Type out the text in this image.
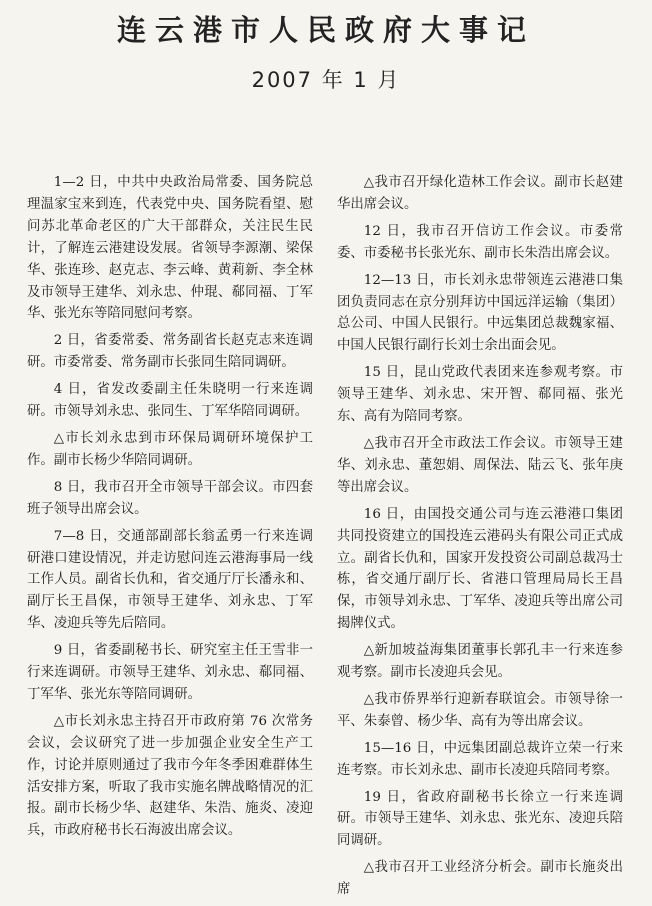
连云港市人民政府大事记
2007 年 1 月

1—2 日，中共中央政治局常委、国务院总理温家宝来到连，代表党中央、国务院看望、慰问苏北革命老区的广大干部群众，关注民生民计，了解连云港建设发展。省领导李源潮、梁保华、张连珍、赵克志、李云峰、黄莉新、李全林及市领导王建华、刘永忠、仲琨、郗同福、丁军华、张光东等陪同慰问考察。

2 日，省委常委、常务副省长赵克志来连调研。市委常委、常务副市长张同生陪同调研。

4 日，省发改委副主任朱晓明一行来连调研。市领导刘永忠、张同生、丁军华陪同调研。

△市长刘永忠到市环保局调研环境保护工作。副市长杨少华陪同调研。

8 日，我市召开全市领导干部会议。市四套班子领导出席会议。

7—8 日，交通部副部长翁孟勇一行来连调研港口建设情况，并走访慰问连云港海事局一线工作人员。副省长仇和，省交通厅厅长潘永和、副厅长王昌保，市领导王建华、刘永忠、丁军华、凌迎兵等先后陪同。

9 日，省委副秘书长、研究室主任王雪非一行来连调研。市领导王建华、刘永忠、郗同福、丁军华、张光东等陪同调研。

△市长刘永忠主持召开市政府第 76 次常务会议，会议研究了进一步加强企业安全生产工作，讨论并原则通过了我市今年冬季困难群体生活安排方案，听取了我市实施名牌战略情况的汇报。副市长杨少华、赵建华、朱浩、施炎、凌迎兵，市政府秘书长石海波出席会议。

△我市召开绿化造林工作会议。副市长赵建华出席会议。

12 日，我市召开信访工作会议。市委常委、市委秘书长张光东、副市长朱浩出席会议。

12—13 日，市长刘永忠带领连云港港口集团负责同志在京分别拜访中国远洋运输（集团）总公司、中国人民银行。中远集团总裁魏家福、中国人民银行副行长刘士余出面会见。

15 日，昆山党政代表团来连参观考察。市领导王建华、刘永忠、宋开智、郗同福、张光东、高有为陪同考察。

△我市召开全市政法工作会议。市领导王建华、刘永忠、董恕娟、周保法、陆云飞、张年庚等出席会议。

16 日，由国投交通公司与连云港港口集团共同投资建立的国投连云港码头有限公司正式成立。副省长仇和，国家开发投资公司副总裁冯士栋，省交通厅副厅长、省港口管理局局长王昌保，市领导刘永忠、丁军华、凌迎兵等出席公司揭牌仪式。

△新加坡益海集团董事长郭孔丰一行来连参观考察。副市长凌迎兵会见。

△我市侨界举行迎新春联谊会。市领导徐一平、朱泰曾、杨少华、高有为等出席会议。

15—16 日，中远集团副总裁许立荣一行来连考察。市长刘永忠、副市长凌迎兵陪同考察。

19 日，省政府副秘书长徐立一行来连调研。市领导王建华、刘永忠、张光东、凌迎兵陪同调研。

△我市召开工业经济分析会。副市长施炎出席
